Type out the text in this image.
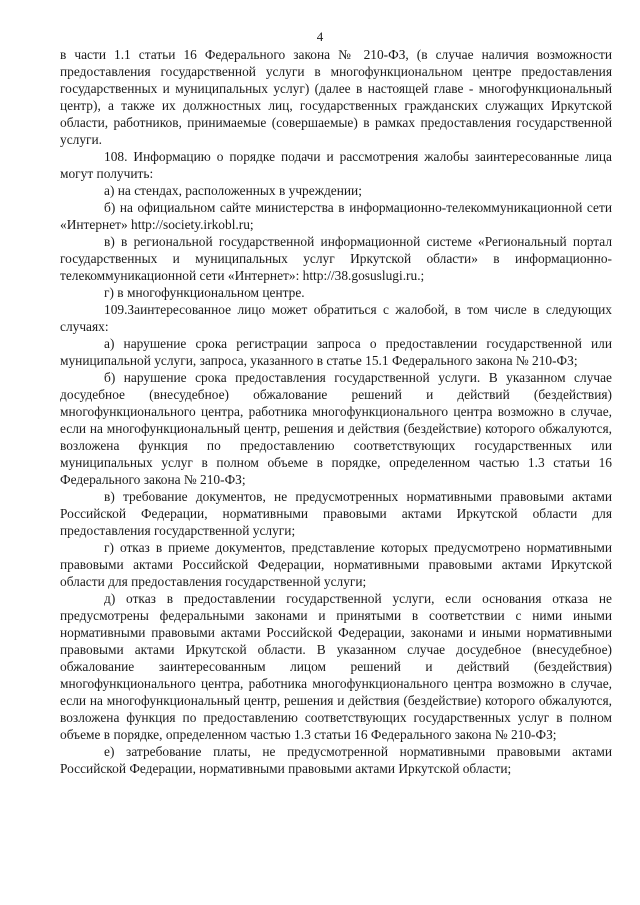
4

в части 1.1 статьи 16 Федерального закона № 210-ФЗ, (в случае наличия возможности предоставления государственной услуги в многофункциональном центре предоставления государственных и муниципальных услуг) (далее в настоящей главе - многофункциональный центр), а также их должностных лиц, государственных гражданских служащих Иркутской области, работников, принимаемые (совершаемые) в рамках предоставления государственной услуги.

108. Информацию о порядке подачи и рассмотрения жалобы заинтересованные лица могут получить:

а) на стендах, расположенных в учреждении;

б) на официальном сайте министерства в информационно-телекоммуникационной сети «Интернет» http://society.irkobl.ru;

в) в региональной государственной информационной системе «Региональный портал государственных и муниципальных услуг Иркутской области» в информационно-телекоммуникационной сети «Интернет»: http://38.gosuslugi.ru.;

г) в многофункциональном центре.

109.Заинтересованное лицо может обратиться с жалобой, в том числе в следующих случаях:

а) нарушение срока регистрации запроса о предоставлении государственной или муниципальной услуги, запроса, указанного в статье 15.1 Федерального закона № 210-ФЗ;

б) нарушение срока предоставления государственной услуги. В указанном случае досудебное (внесудебное) обжалование решений и действий (бездействия) многофункционального центра, работника многофункционального центра возможно в случае, если на многофункциональный центр, решения и действия (бездействие) которого обжалуются, возложена функция по предоставлению соответствующих государственных или муниципальных услуг в полном объеме в порядке, определенном частью 1.3 статьи 16 Федерального закона № 210-ФЗ;

в) требование документов, не предусмотренных нормативными правовыми актами Российской Федерации, нормативными правовыми актами Иркутской области для предоставления государственной услуги;

г) отказ в приеме документов, представление которых предусмотрено нормативными правовыми актами Российской Федерации, нормативными правовыми актами Иркутской области для предоставления государственной услуги;

д) отказ в предоставлении государственной услуги, если основания отказа не предусмотрены федеральными законами и принятыми в соответствии с ними иными нормативными правовыми актами Российской Федерации, законами и иными нормативными правовыми актами Иркутской области. В указанном случае досудебное (внесудебное) обжалование заинтересованным лицом решений и действий (бездействия) многофункционального центра, работника многофункционального центра возможно в случае, если на многофункциональный центр, решения и действия (бездействие) которого обжалуются, возложена функция по предоставлению соответствующих государственных услуг в полном объеме в порядке, определенном частью 1.3 статьи 16 Федерального закона № 210-ФЗ;

е) затребование платы, не предусмотренной нормативными правовыми актами Российской Федерации, нормативными правовыми актами Иркутской области;
